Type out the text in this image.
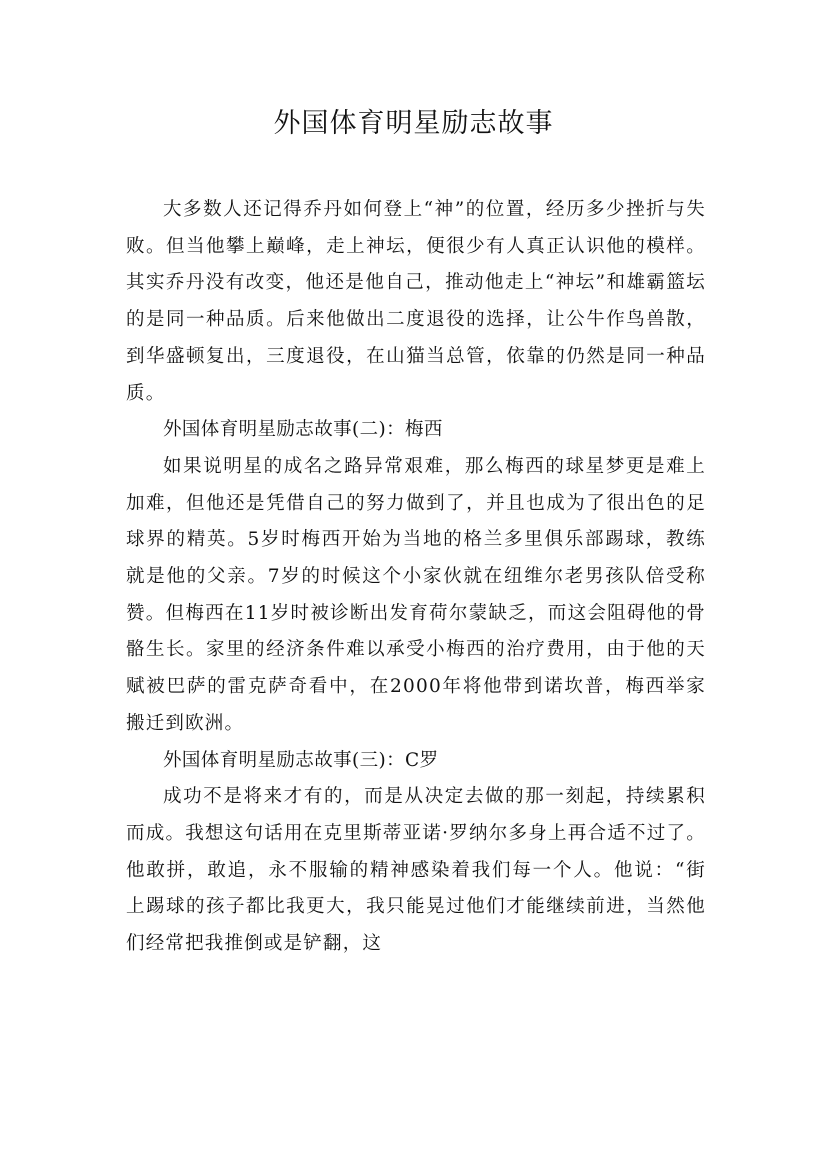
外国体育明星励志故事

大多数人还记得乔丹如何登上“神”的位置，经历多少挫折与失败。但当他攀上巅峰，走上神坛，便很少有人真正认识他的模样。其实乔丹没有改变，他还是他自己，推动他走上“神坛”和雄霸篮坛的是同一种品质。后来他做出二度退役的选择，让公牛作鸟兽散，到华盛顿复出，三度退役，在山猫当总管，依靠的仍然是同一种品质。

外国体育明星励志故事(二)：梅西

如果说明星的成名之路异常艰难，那么梅西的球星梦更是难上加难，但他还是凭借自己的努力做到了，并且也成为了很出色的足球界的精英。5岁时梅西开始为当地的格兰多里俱乐部踢球，教练就是他的父亲。7岁的时候这个小家伙就在纽维尔老男孩队倍受称赞。但梅西在11岁时被诊断出发育荷尔蒙缺乏，而这会阻碍他的骨骼生长。家里的经济条件难以承受小梅西的治疗费用，由于他的天赋被巴萨的雷克萨奇看中，在2000年将他带到诺坎普，梅西举家搬迁到欧洲。

外国体育明星励志故事(三)：C罗

成功不是将来才有的，而是从决定去做的那一刻起，持续累积而成。我想这句话用在克里斯蒂亚诺·罗纳尔多身上再合适不过了。他敢拼，敢追，永不服输的精神感染着我们每一个人。他说：“街上踢球的孩子都比我更大，我只能晃过他们才能继续前进，当然他们经常把我推倒或是铲翻，这
